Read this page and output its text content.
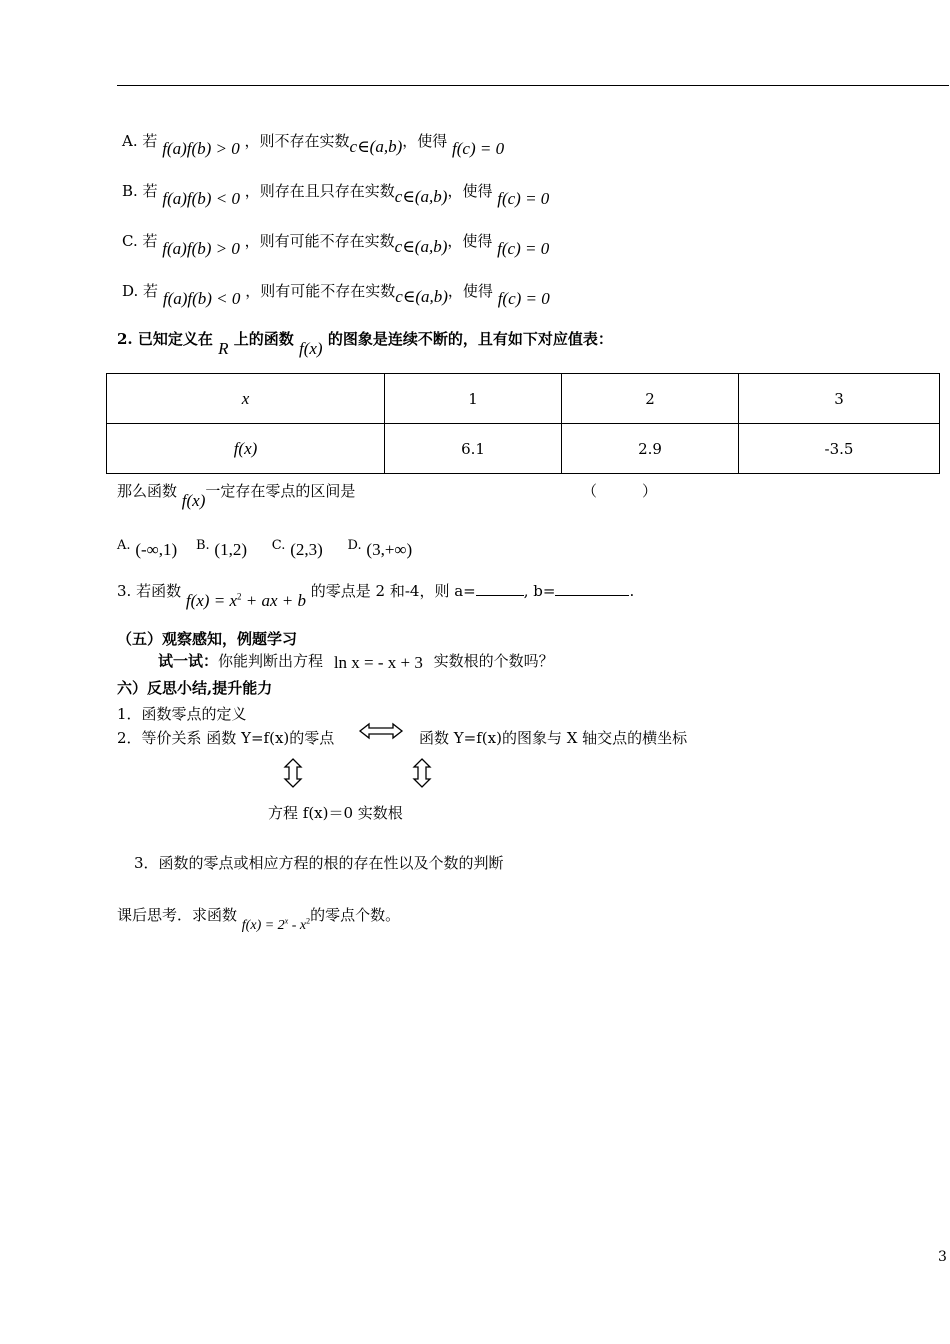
A. 若 f(a)f(b) > 0 ，则不存在实数c∈(a,b)，使得 f(c) = 0
B. 若 f(a)f(b) < 0 ，则存在且只存在实数c∈(a,b)，使得 f(c) = 0
C. 若 f(a)f(b) > 0 ，则有可能不存在实数c∈(a,b)，使得 f(c) = 0
D. 若 f(a)f(b) < 0 ，则有可能不存在实数c∈(a,b)，使得 f(c) = 0
2. 已知定义在 R 上的函数 f(x) 的图象是连续不断的，且有如下对应值表：
x	1	2	3
f(x)	6.1	2.9	-3.5
那么函数 f(x)一定存在零点的区间是	（　　　）
A. (-∞,1) B. (1,2) C. (2,3) D. (3,+∞)
3. 若函数 $f(x) = x^2$ + ax + b 的零点是 2 和-4，则 a=	, b=	.
（五）观察感知，例题学习
试一试：你能判断出方程 ln x = - x + 3 实数根的个数吗？
六）反思小结,提升能力
1．函数零点的定义
2．等价关系 函数 Y=f(x)的零点	函数 Y=f(x)的图象与 X 轴交点的横坐标
方程 f(x)＝0 实数根
3．函数的零点或相应方程的根的存在性以及个数的判断
课后思考．求函数 $f(x) = 2^x - x^2$的零点个数。
3
